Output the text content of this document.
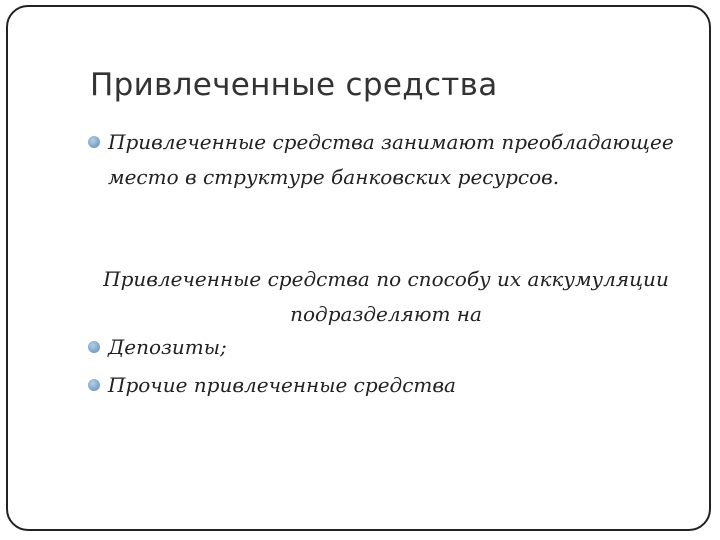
Привлеченные средства
Привлеченные средства занимают преобладающее место в структуре банковских ресурсов.
Привлеченные средства по способу их аккумуляции подразделяют на
Депозиты;
Прочие привлеченные средства
